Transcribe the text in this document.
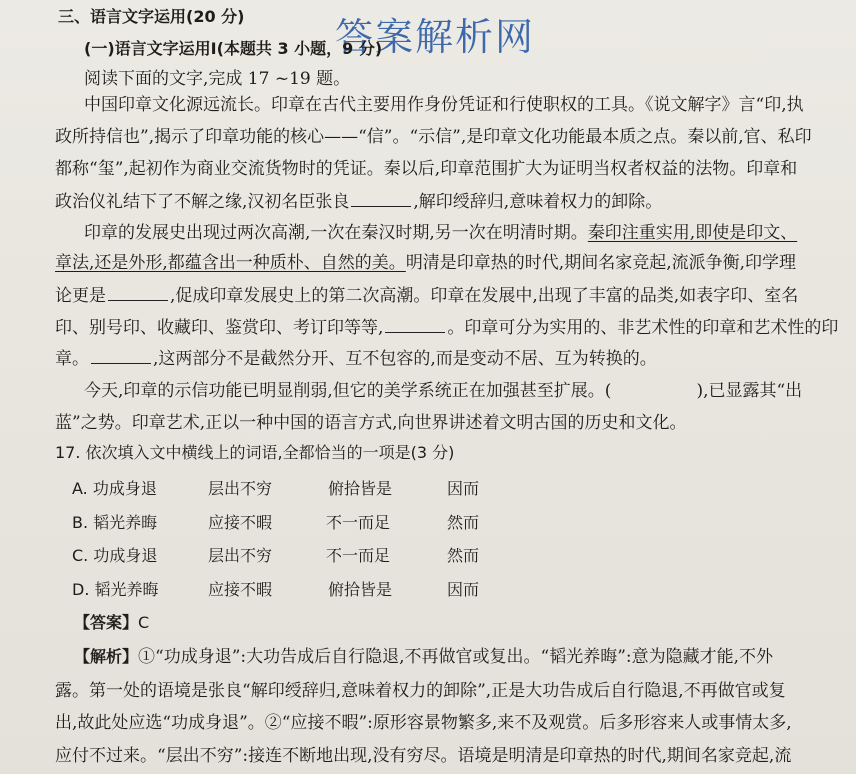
三、语言文字运用(20 分) 答案解析网
(一)语言文字运用Ⅰ(本题共 3 小题，9 分)
阅读下面的文字,完成 17 ~19 题。
中国印章文化源远流长。印章在古代主要用作身份凭证和行使职权的工具。《说文解字》言“印,执
政所持信也”,揭示了印章功能的核心——“信”。“示信”,是印章文化功能最本质之点。秦以前,官、私印
都称“玺”,起初作为商业交流货物时的凭证。秦以后,印章范围扩大为证明当权者权益的法物。印章和
政治仪礼结下了不解之缘,汉初名臣张良	,解印绶辞归,意味着权力的卸除。
印章的发展史出现过两次高潮,一次在秦汉时期,另一次在明清时期。秦印注重实用,即使是印文、
章法,还是外形,都蕴含出一种质朴、自然的美。明清是印章热的时代,期间名家竞起,流派争衡,印学理
论更是	,促成印章发展史上的第二次高潮。印章在发展中,出现了丰富的品类,如表字印、室名
印、别号印、收藏印、鉴赏印、考订印等等,	。印章可分为实用的、非艺术性的印章和艺术性的印
章。	,这两部分不是截然分开、互不包容的,而是变动不居、互为转换的。
今天,印章的示信功能已明显削弱,但它的美学系统正在加强甚至扩展。(　　　　　),已显露其“出
蓝”之势。印章艺术,正以一种中国的语言方式,向世界讲述着文明古国的历史和文化。
17. 依次填入文中横线上的词语,全都恰当的一项是(3 分)
A. 功成身退	层出不穷	俯拾皆是	因而
B. 韬光养晦	应接不暇	不一而足	然而
C. 功成身退	层出不穷	不一而足	然而
D. 韬光养晦	应接不暇	俯拾皆是	因而
【答案】C
【解析】①“功成身退”:大功告成后自行隐退,不再做官或复出。“韬光养晦”:意为隐藏才能,不外
露。第一处的语境是张良“解印绶辞归,意味着权力的卸除”,正是大功告成后自行隐退,不再做官或复
出,故此处应选“功成身退”。②“应接不暇”:原形容景物繁多,来不及观赏。后多形容来人或事情太多,
应付不过来。“层出不穷”:接连不断地出现,没有穷尽。语境是明清是印章热的时代,期间名家竞起,流
